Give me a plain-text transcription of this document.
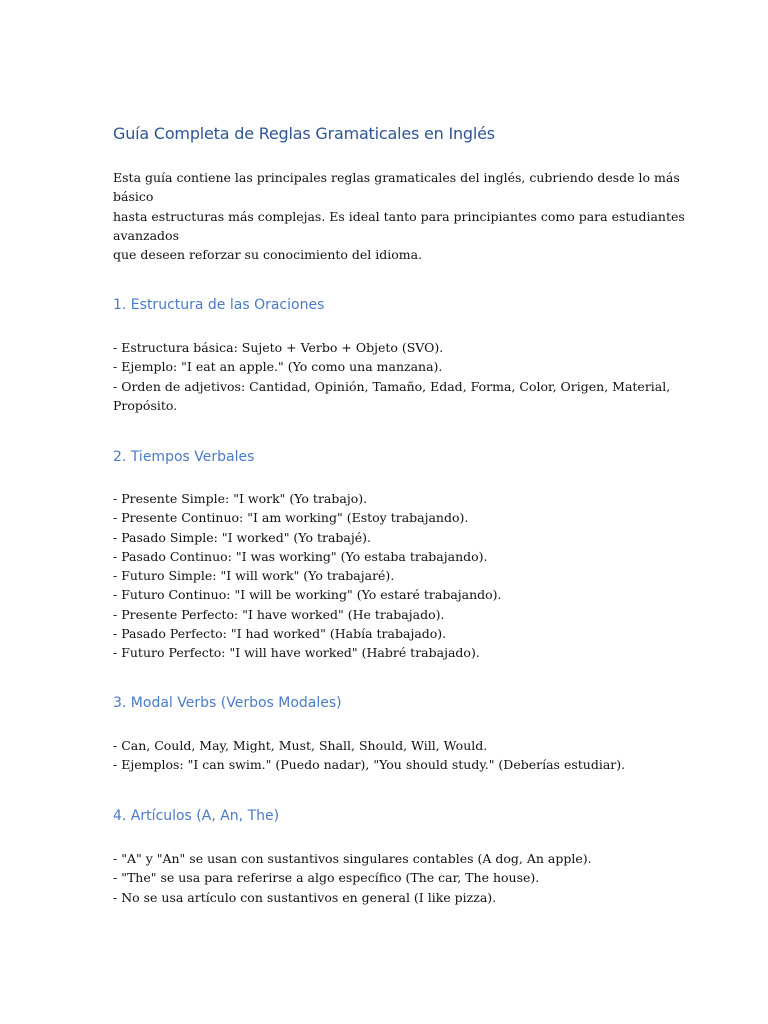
Guía Completa de Reglas Gramaticales en Inglés
Esta guía contiene las principales reglas gramaticales del inglés, cubriendo desde lo más
básico
hasta estructuras más complejas. Es ideal tanto para principiantes como para estudiantes
avanzados
que deseen reforzar su conocimiento del idioma.
1. Estructura de las Oraciones
- Estructura básica: Sujeto + Verbo + Objeto (SVO).
- Ejemplo: "I eat an apple." (Yo como una manzana).
- Orden de adjetivos: Cantidad, Opinión, Tamaño, Edad, Forma, Color, Origen, Material,
Propósito.
2. Tiempos Verbales
- Presente Simple: "I work" (Yo trabajo).
- Presente Continuo: "I am working" (Estoy trabajando).
- Pasado Simple: "I worked" (Yo trabajé).
- Pasado Continuo: "I was working" (Yo estaba trabajando).
- Futuro Simple: "I will work" (Yo trabajaré).
- Futuro Continuo: "I will be working" (Yo estaré trabajando).
- Presente Perfecto: "I have worked" (He trabajado).
- Pasado Perfecto: "I had worked" (Había trabajado).
- Futuro Perfecto: "I will have worked" (Habré trabajado).
3. Modal Verbs (Verbos Modales)
- Can, Could, May, Might, Must, Shall, Should, Will, Would.
- Ejemplos: "I can swim." (Puedo nadar), "You should study." (Deberías estudiar).
4. Artículos (A, An, The)
- "A" y "An" se usan con sustantivos singulares contables (A dog, An apple).
- "The" se usa para referirse a algo específico (The car, The house).
- No se usa artículo con sustantivos en general (I like pizza).
